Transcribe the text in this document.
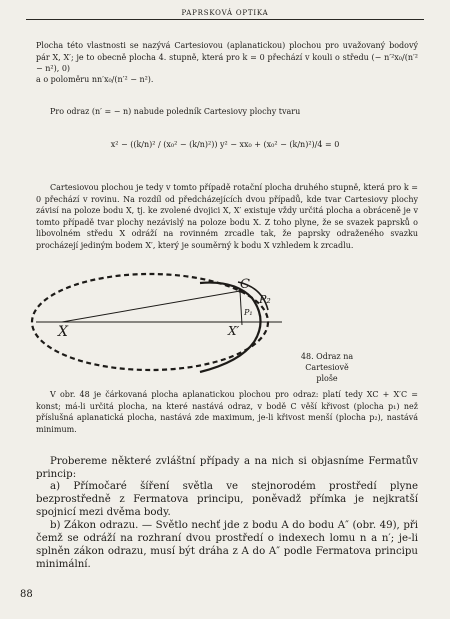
PAPRSKOVÁ OPTIKA

Plocha této vlastnosti se nazývá Cartesiovou (aplanatickou) plochou pro uvažovaný bodový pár X, X′; je to obecně plocha 4. stupně, která pro k = 0 přechází v kouli o středu (− n′²x₀/(n′² − n²), 0)

a o poloměru nn′x₀/(n′² − n²).

Pro odraz (n′ = − n) nabude poledník Cartesiovy plochy tvaru

x² − ((k/n)² / (x₀² − (k/n)²)) y² − xx₀ + (x₀² − (k/n)²)/4 = 0

Cartesiovou plochou je tedy v tomto případě rotační plocha druhého stupně, která pro k = 0 přechází v rovinu. Na rozdíl od předcházejících dvou případů, kde tvar Cartesiovy plochy závisí na poloze bodu X, tj. ke zvolené dvojici X, X′ existuje vždy určitá plocha a obráceně je v tomto případě tvar plochy nezávislý na poloze bodu X. Z toho plyne, že se svazek paprsků o libovolném středu X odráží na rovinném zrcadle tak, že paprsky odraženého svazku procházejí jediným bodem X′, který je souměrný k bodu X vzhledem k zrcadlu.

X	X′
C
P₂
P₁
48. Odraz na Cartesiově
ploše

V obr. 48 je čárkovaná plocha aplanatickou plochou pro odraz: platí tedy XC + X′C = konst; má-li určitá plocha, na které nastává odraz, v bodě C věší křivost (plocha p₁) než příslušná aplanatická plocha, nastává zde maximum, je-li křivost menší (plocha p₂), nastává minimum.

Probereme některé zvláštní případy a na nich si objasníme Fermatův princip:

a) Přímočaré šíření světla ve stejnorodém prostředí plyne bezprostředně z Fermatova principu, poněvadž přímka je nejkratší spojnicí mezi dvěma body.

b) Zákon odrazu. — Světlo nechť jde z bodu A do bodu A″ (obr. 49), při čemž se odráží na rozhraní dvou prostředí o indexech lomu n a n′; je-li splněn zákon odrazu, musí být dráha z A do A″ podle Fermatova principu minimální.

88
